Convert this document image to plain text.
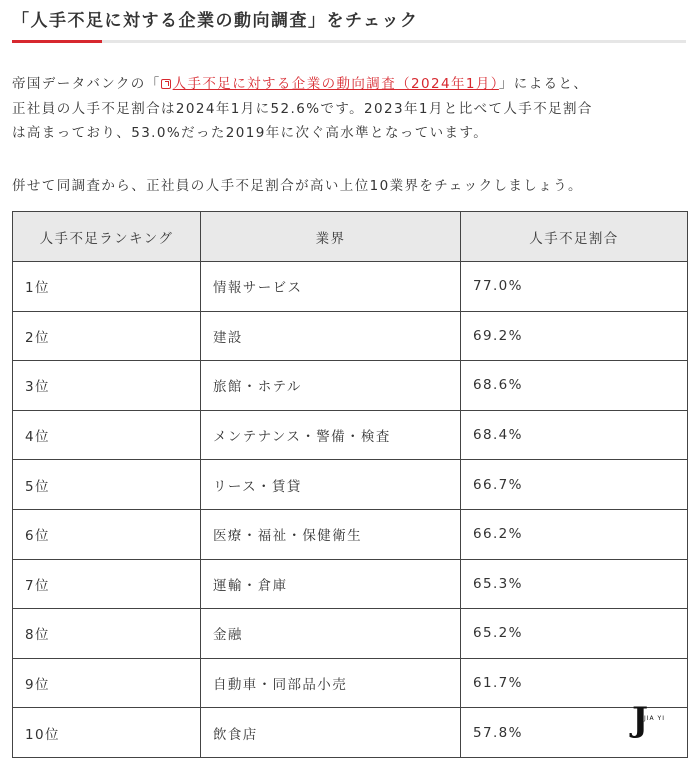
「人手不足に対する企業の動向調査」をチェック
帝国データバンクの「 人手不足に対する企業の動向調査（2024年1月）」によると、
正社員の人手不足割合は2024年1月に52.6%です。2023年1月と比べて人手不足割合
は高まっており、53.0%だった2019年に次ぐ高水準となっています。
併せて同調査から、正社員の人手不足割合が高い上位10業界をチェックしましょう。
人手不足ランキング	業界	人手不足割合
1位	情報サービス	77.0%
2位	建設	69.2%
3位	旅館・ホテル	68.6%
4位	メンテナンス・警備・検査	68.4%
5位	リース・賃貸	66.7%
6位	医療・福祉・保健衛生	66.2%
7位	運輸・倉庫	65.3%
8位	金融	65.2%
9位	自動車・同部品小売	61.7%
10位	飲食店	57.8%	J
JIA YI
